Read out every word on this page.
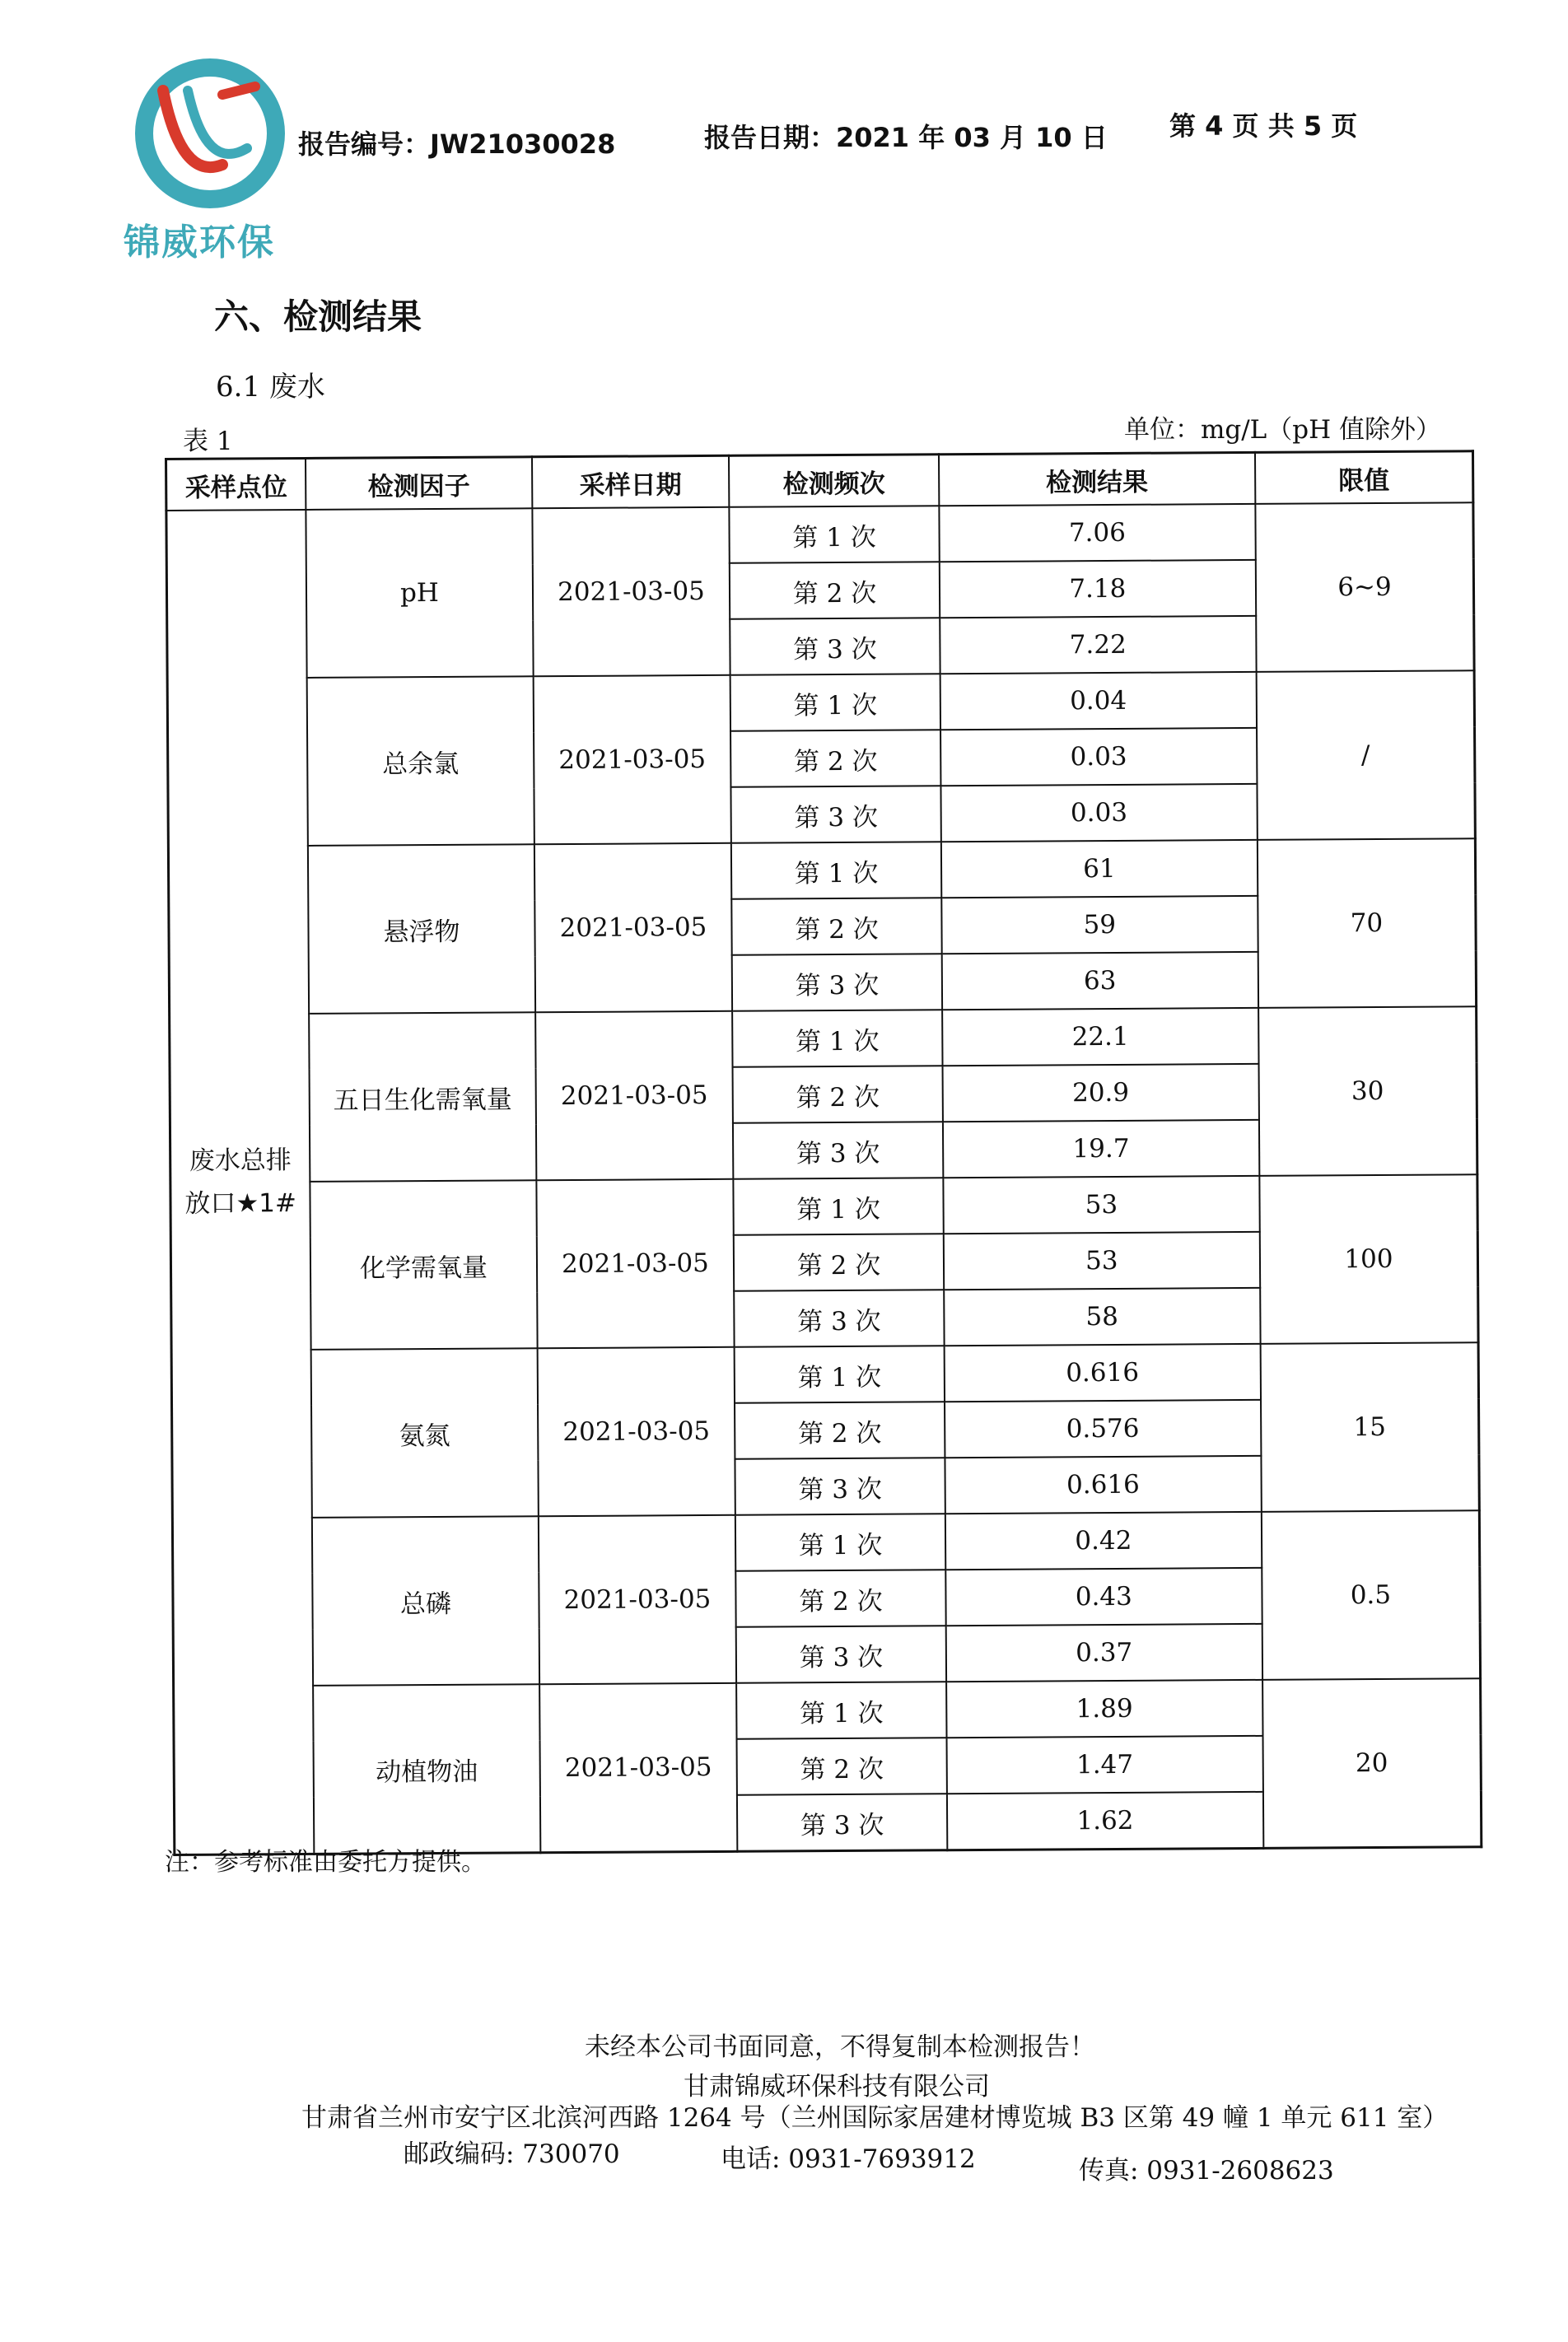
锦威环保
报告编号：JW21030028	报告日期：2021 年 03 月 10 日 第 4 页 共 5 页
六、检测结果
6.1 废水
表 1	单位：mg/L（pH 值除外）
采样点位	检测因子	采样日期	检测频次	检测结果	限值

废水总排
放口★1#	pH	2021-03-05	第 1 次	7.06	6~9
			第 2 次	7.18	
			第 3 次	7.22	
	总余氯	2021-03-05	第 1 次	0.04	/
			第 2 次	0.03	
			第 3 次	0.03	
	悬浮物	2021-03-05	第 1 次	61	70
			第 2 次	59	
			第 3 次	63	
	五日生化需氧量	2021-03-05	第 1 次	22.1	30
			第 2 次	20.9	
			第 3 次	19.7	
	化学需氧量	2021-03-05	第 1 次	53	100
			第 2 次	53	
			第 3 次	58	
	氨氮	2021-03-05	第 1 次	0.616	15
			第 2 次	0.576	
			第 3 次	0.616	
	总磷	2021-03-05	第 1 次	0.42	0.5
			第 2 次	0.43	
			第 3 次	0.37	
	动植物油	2021-03-05	第 1 次	1.89	20
			第 2 次	1.47	
			第 3 次	1.62	
注：参考标准由委托方提供。
未经本公司书面同意，不得复制本检测报告！
甘肃锦威环保科技有限公司
甘肃省兰州市安宁区北滨河西路 1264 号（兰州国际家居建材博览城 B3 区第 49 幢 1 单元 611 室）
邮政编码: 730070	电话: 0931-7693912	传真: 0931-2608623
